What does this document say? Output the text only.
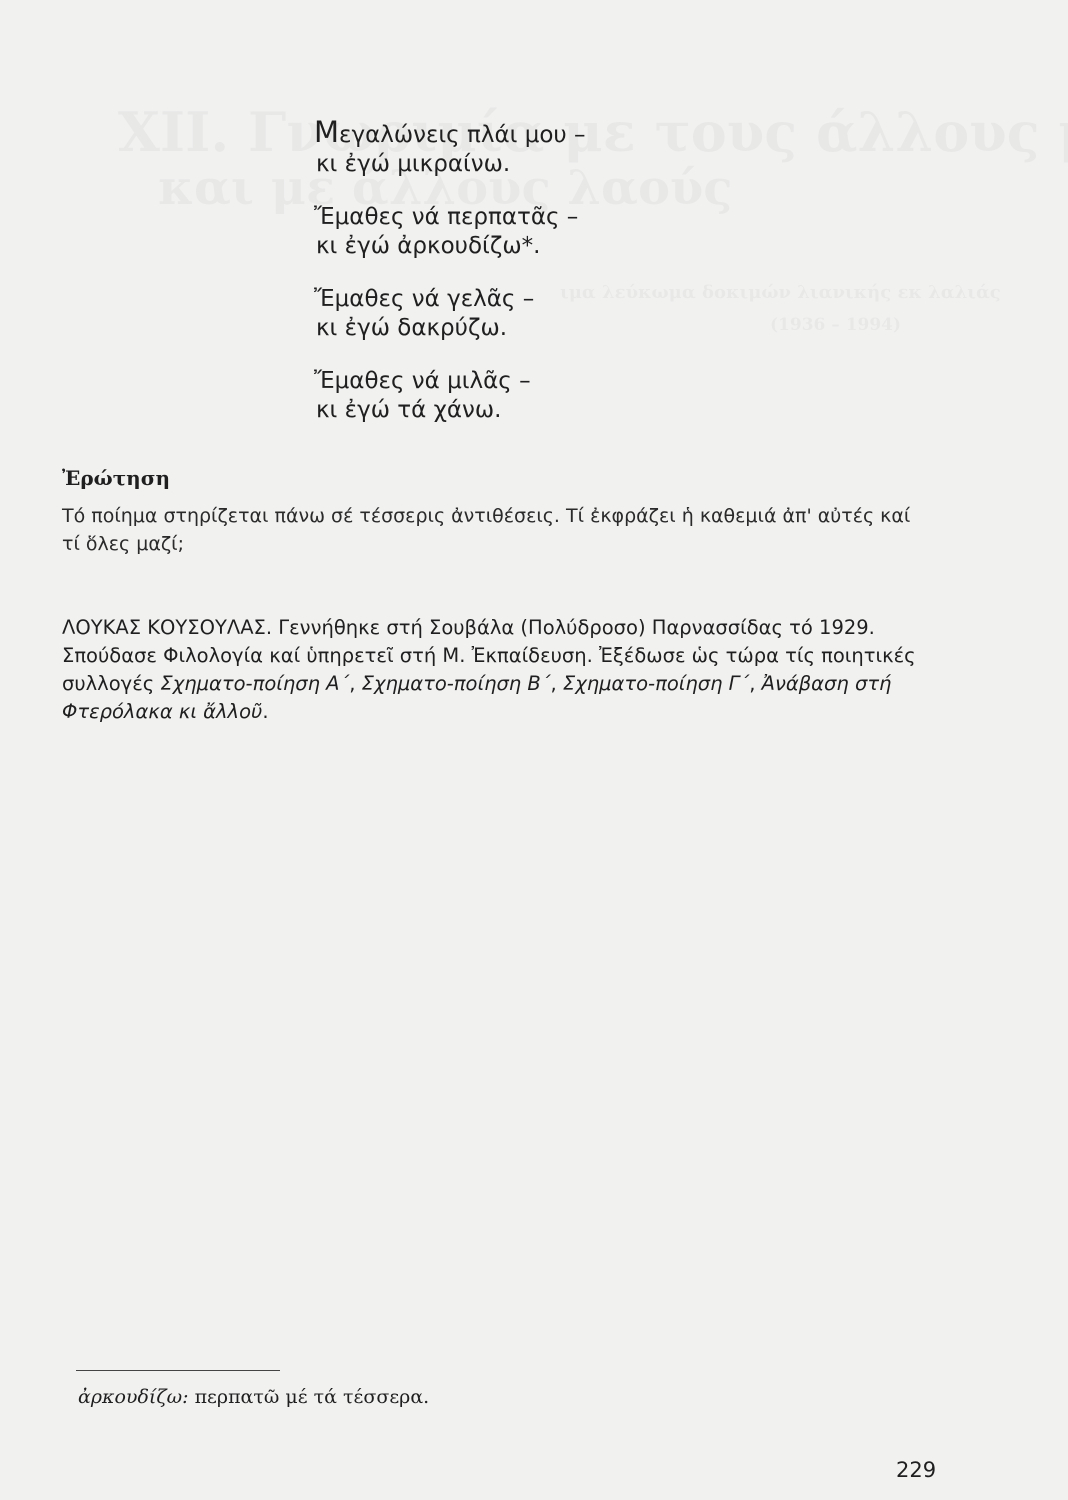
Μεγαλώνεις πλάι μου –
κι ἐγώ μικραίνω.
Ἔμαθες νά περπατᾶς –
κι ἐγώ ἀρκουδίζω*.
Ἔμαθες νά γελᾶς –
κι ἐγώ δακρύζω.
Ἔμαθες νά μιλᾶς –
κι ἐγώ τά χάνω.
Ἐρώτηση

Τό ποίημα στηρίζεται πάνω σέ τέσσερις ἀντιθέσεις. Τί ἐκφράζει ἡ καθεμιά ἀπ' αὐτές καί τί ὅλες μαζί;

ΛΟΥΚΑΣ ΚΟΥΣΟΥΛΑΣ. Γεννήθηκε στή Σουβάλα (Πολύδροσο) Παρνασσίδας τό 1929. Σπούδασε Φιλολογία καί ὑπηρετεῖ στή Μ. Ἐκπαίδευση. Ἐξέδωσε ὡς τώρα τίς ποιητικές συλλογές Σχηματο-ποίηση Α΄, Σχηματο-ποίηση Β΄, Σχηματο-ποίηση Γ΄, Ἀνάβαση στή Φτερόλακα κι ἄλλοῦ.

ἀρκουδίζω: περπατῶ μέ τά τέσσερα.

229
